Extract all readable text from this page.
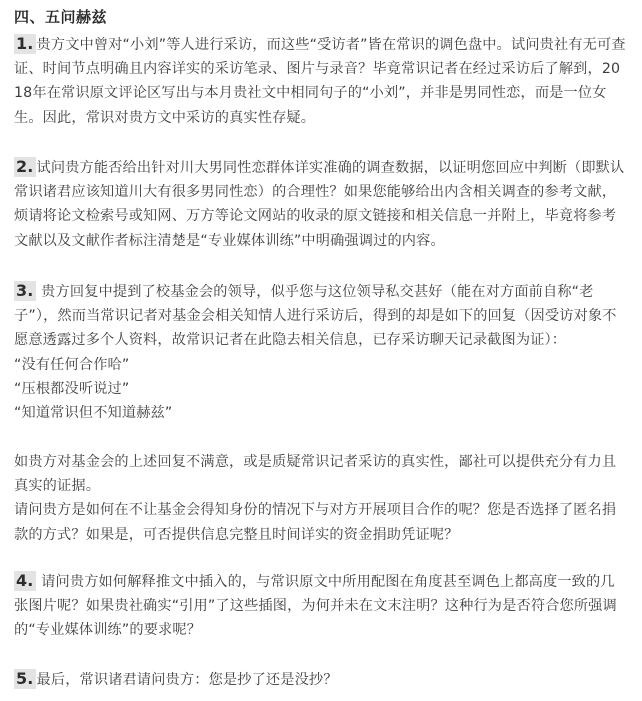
四、五问赫兹
1. 贵方文中曾对“小刘”等人进行采访，而这些“受访者”皆在常识的调色盘中。试问贵社有无可查证、时间节点明确且内容详实的采访笔录、图片与录音？毕竟常识记者在经过采访后了解到，2018年在常识原文评论区写出与本月贵社文中相同句子的“小刘”，并非是男同性恋，而是一位女生。因此，常识对贵方文中采访的真实性存疑。
2. 试问贵方能否给出针对川大男同性恋群体详实准确的调查数据，以证明您回应中判断（即默认常识诸君应该知道川大有很多男同性恋）的合理性？如果您能够给出内含相关调查的参考文献，烦请将论文检索号或知网、万方等论文网站的收录的原文链接和相关信息一并附上，毕竟将参考文献以及文献作者标注清楚是“专业媒体训练”中明确强调过的内容。
3. 贵方回复中提到了校基金会的领导，似乎您与这位领导私交甚好（能在对方面前自称“老子”），然而当常识记者对基金会相关知情人进行采访后，得到的却是如下的回复（因受访对象不愿意透露过多个人资料，故常识记者在此隐去相关信息，已存采访聊天记录截图为证）：
“没有任何合作哈”
“压根都没听说过”
“知道常识但不知道赫兹”
如贵方对基金会的上述回复不满意，或是质疑常识记者采访的真实性，鄙社可以提供充分有力且真实的证据。
请问贵方是如何在不让基金会得知身份的情况下与对方开展项目合作的呢？您是否选择了匿名捐款的方式？如果是，可否提供信息完整且时间详实的资金捐助凭证呢？
4. 请问贵方如何解释推文中插入的，与常识原文中所用配图在角度甚至调色上都高度一致的几张图片呢？如果贵社确实“引用”了这些插图，为何并未在文末注明？这种行为是否符合您所强调的“专业媒体训练”的要求呢？
5. 最后，常识诸君请问贵方：您是抄了还是没抄？
